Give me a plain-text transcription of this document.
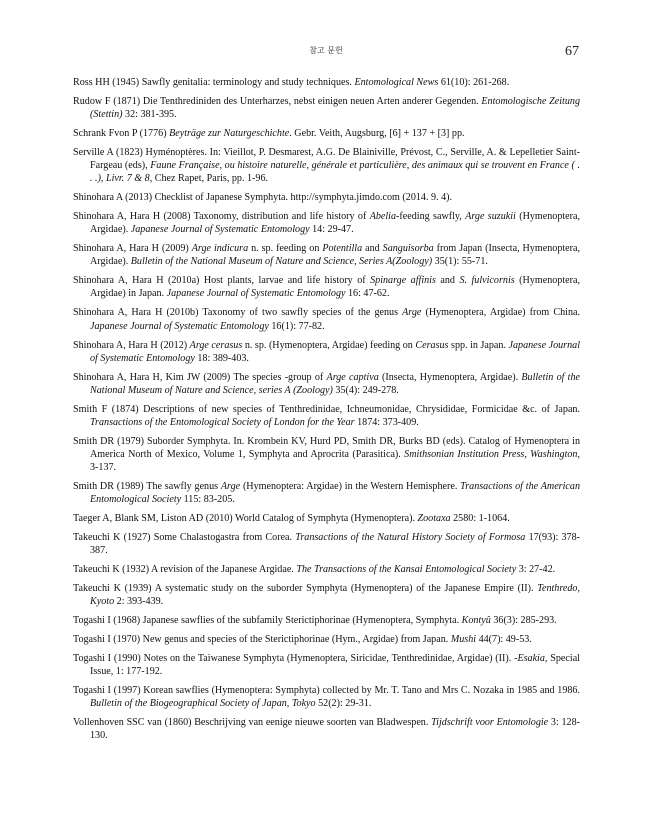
참고 문헌	67

Ross HH (1945) Sawfly genitalia: terminology and study techniques. Entomological News 61(10): 261-268.

Rudow F (1871) Die Tenthrediniden des Unterharzes, nebst einigen neuen Arten anderer Gegenden. Entomologische Zeitung (Stettin) 32: 381-395.

Schrank Fvon P (1776) Beyträge zur Naturgeschichte. Gebr. Veith, Augsburg, [6] + 137 + [3] pp.

Serville A (1823) Hyménoptères. In: Vieillot, P. Desmarest, A.G. De Blainiville, Prévost, C., Serville, A. & Lepelletier Saint-Fargeau (eds), Faune Française, ou histoire naturelle, générale et particulière, des animaux qui se trouvent en France ( . . .), Livr. 7 & 8, Chez Rapet, Paris, pp. 1-96.

Shinohara A (2013) Checklist of Japanese Symphyta. http://symphyta.jimdo.com (2014. 9. 4).

Shinohara A, Hara H (2008) Taxonomy, distribution and life history of Abelia-feeding sawfly, Arge suzukii (Hymenoptera, Argidae). Japanese Journal of Systematic Entomology 14: 29-47.

Shinohara A, Hara H (2009) Arge indicura n. sp. feeding on Potentilla and Sanguisorba from Japan (Insecta, Hymenoptera, Argidae). Bulletin of the National Museum of Nature and Science, Series A(Zoology) 35(1): 55-71.

Shinohara A, Hara H (2010a) Host plants, larvae and life history of Spinarge affinis and S. fulvicornis (Hymenoptera, Argidae) in Japan. Japanese Journal of Systematic Entomology 16: 47-62.

Shinohara A, Hara H (2010b) Taxonomy of two sawfly species of the genus Arge (Hymenoptera, Argidae) from China. Japanese Journal of Systematic Entomology 16(1): 77-82.

Shinohara A, Hara H (2012) Arge cerasus n. sp. (Hymenoptera, Argidae) feeding on Cerasus spp. in Japan. Japanese Journal of Systematic Entomology 18: 389-403.

Shinohara A, Hara H, Kim JW (2009) The species -group of Arge captiva (Insecta, Hymenoptera, Argidae). Bulletin of the National Museum of Nature and Science, series A (Zoology) 35(4): 249-278.

Smith F (1874) Descriptions of new species of Tenthredinidae, Ichneumonidae, Chrysididae, Formicidae &c. of Japan. Transactions of the Entomological Society of London for the Year 1874: 373-409.

Smith DR (1979) Suborder Symphyta. In. Krombein KV, Hurd PD, Smith DR, Burks BD (eds). Catalog of Hymenoptera in America North of Mexico, Volume 1, Symphyta and Aprocrita (Parasitica). Smithsonian Institution Press, Washington, 3-137.

Smith DR (1989) The sawfly genus Arge (Hymenoptera: Argidae) in the Western Hemisphere. Transactions of the American Entomological Society 115: 83-205.

Taeger A, Blank SM, Liston AD (2010) World Catalog of Symphyta (Hymenoptera). Zootaxa 2580: 1-1064.

Takeuchi K (1927) Some Chalastogastra from Corea. Transactions of the Natural History Society of Formosa 17(93): 378-387.

Takeuchi K (1932) A revision of the Japanese Argidae. The Transactions of the Kansai Entomological Society 3: 27-42.

Takeuchi K (1939) A systematic study on the suborder Symphyta (Hymenoptera) of the Japanese Empire (II). Tenthredo, Kyoto 2: 393-439.

Togashi I (1968) Japanese sawflies of the subfamily Sterictiphorinae (Hymenoptera, Symphyta. Kontyû 36(3): 285-293.

Togashi I (1970) New genus and species of the Sterictiphorinae (Hym., Argidae) from Japan. Mushi 44(7): 49-53.

Togashi I (1990) Notes on the Taiwanese Symphyta (Hymenoptera, Siricidae, Tenthredinidae, Argidae) (II). -Esakia, Special Issue, 1: 177-192.

Togashi I (1997) Korean sawflies (Hymenoptera: Symphyta) collected by Mr. T. Tano and Mrs C. Nozaka in 1985 and 1986. Bulletin of the Biogeographical Society of Japan, Tokyo 52(2): 29-31.

Vollenhoven SSC van (1860) Beschrijving van eenige nieuwe soorten van Bladwespen. Tijdschrift voor Entomologie 3: 128-130.
